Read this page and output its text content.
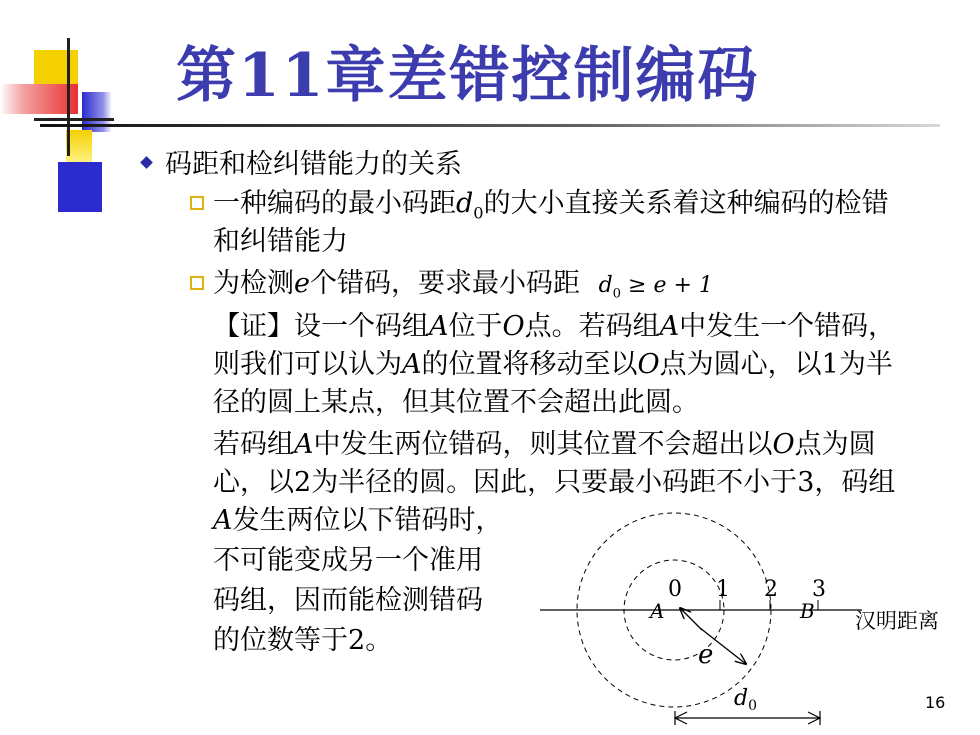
第11章差错控制编码
码距和检纠错能力的关系
一种编码的最小码距$d_0$的大小直接关系着这种编码的检错
和纠错能力
为检测e个错码，要求最小码距 $d_0 \ge e + 1$
【证】设一个码组A位于O点。若码组A中发生一个错码，
则我们可以认为A的位置将移动至以O点为圆心，以1为半
径的圆上某点，但其位置不会超出此圆。
若码组A中发生两位错码，则其位置不会超出以O点为圆
心，以2为半径的圆。因此，只要最小码距不小于3，码组
A发生两位以下错码时，
不可能变成另一个准用
码组，因而能检测错码
的位数等于2。
0 1 2 3
A	B
e
$d_0$
汉明距离
16
